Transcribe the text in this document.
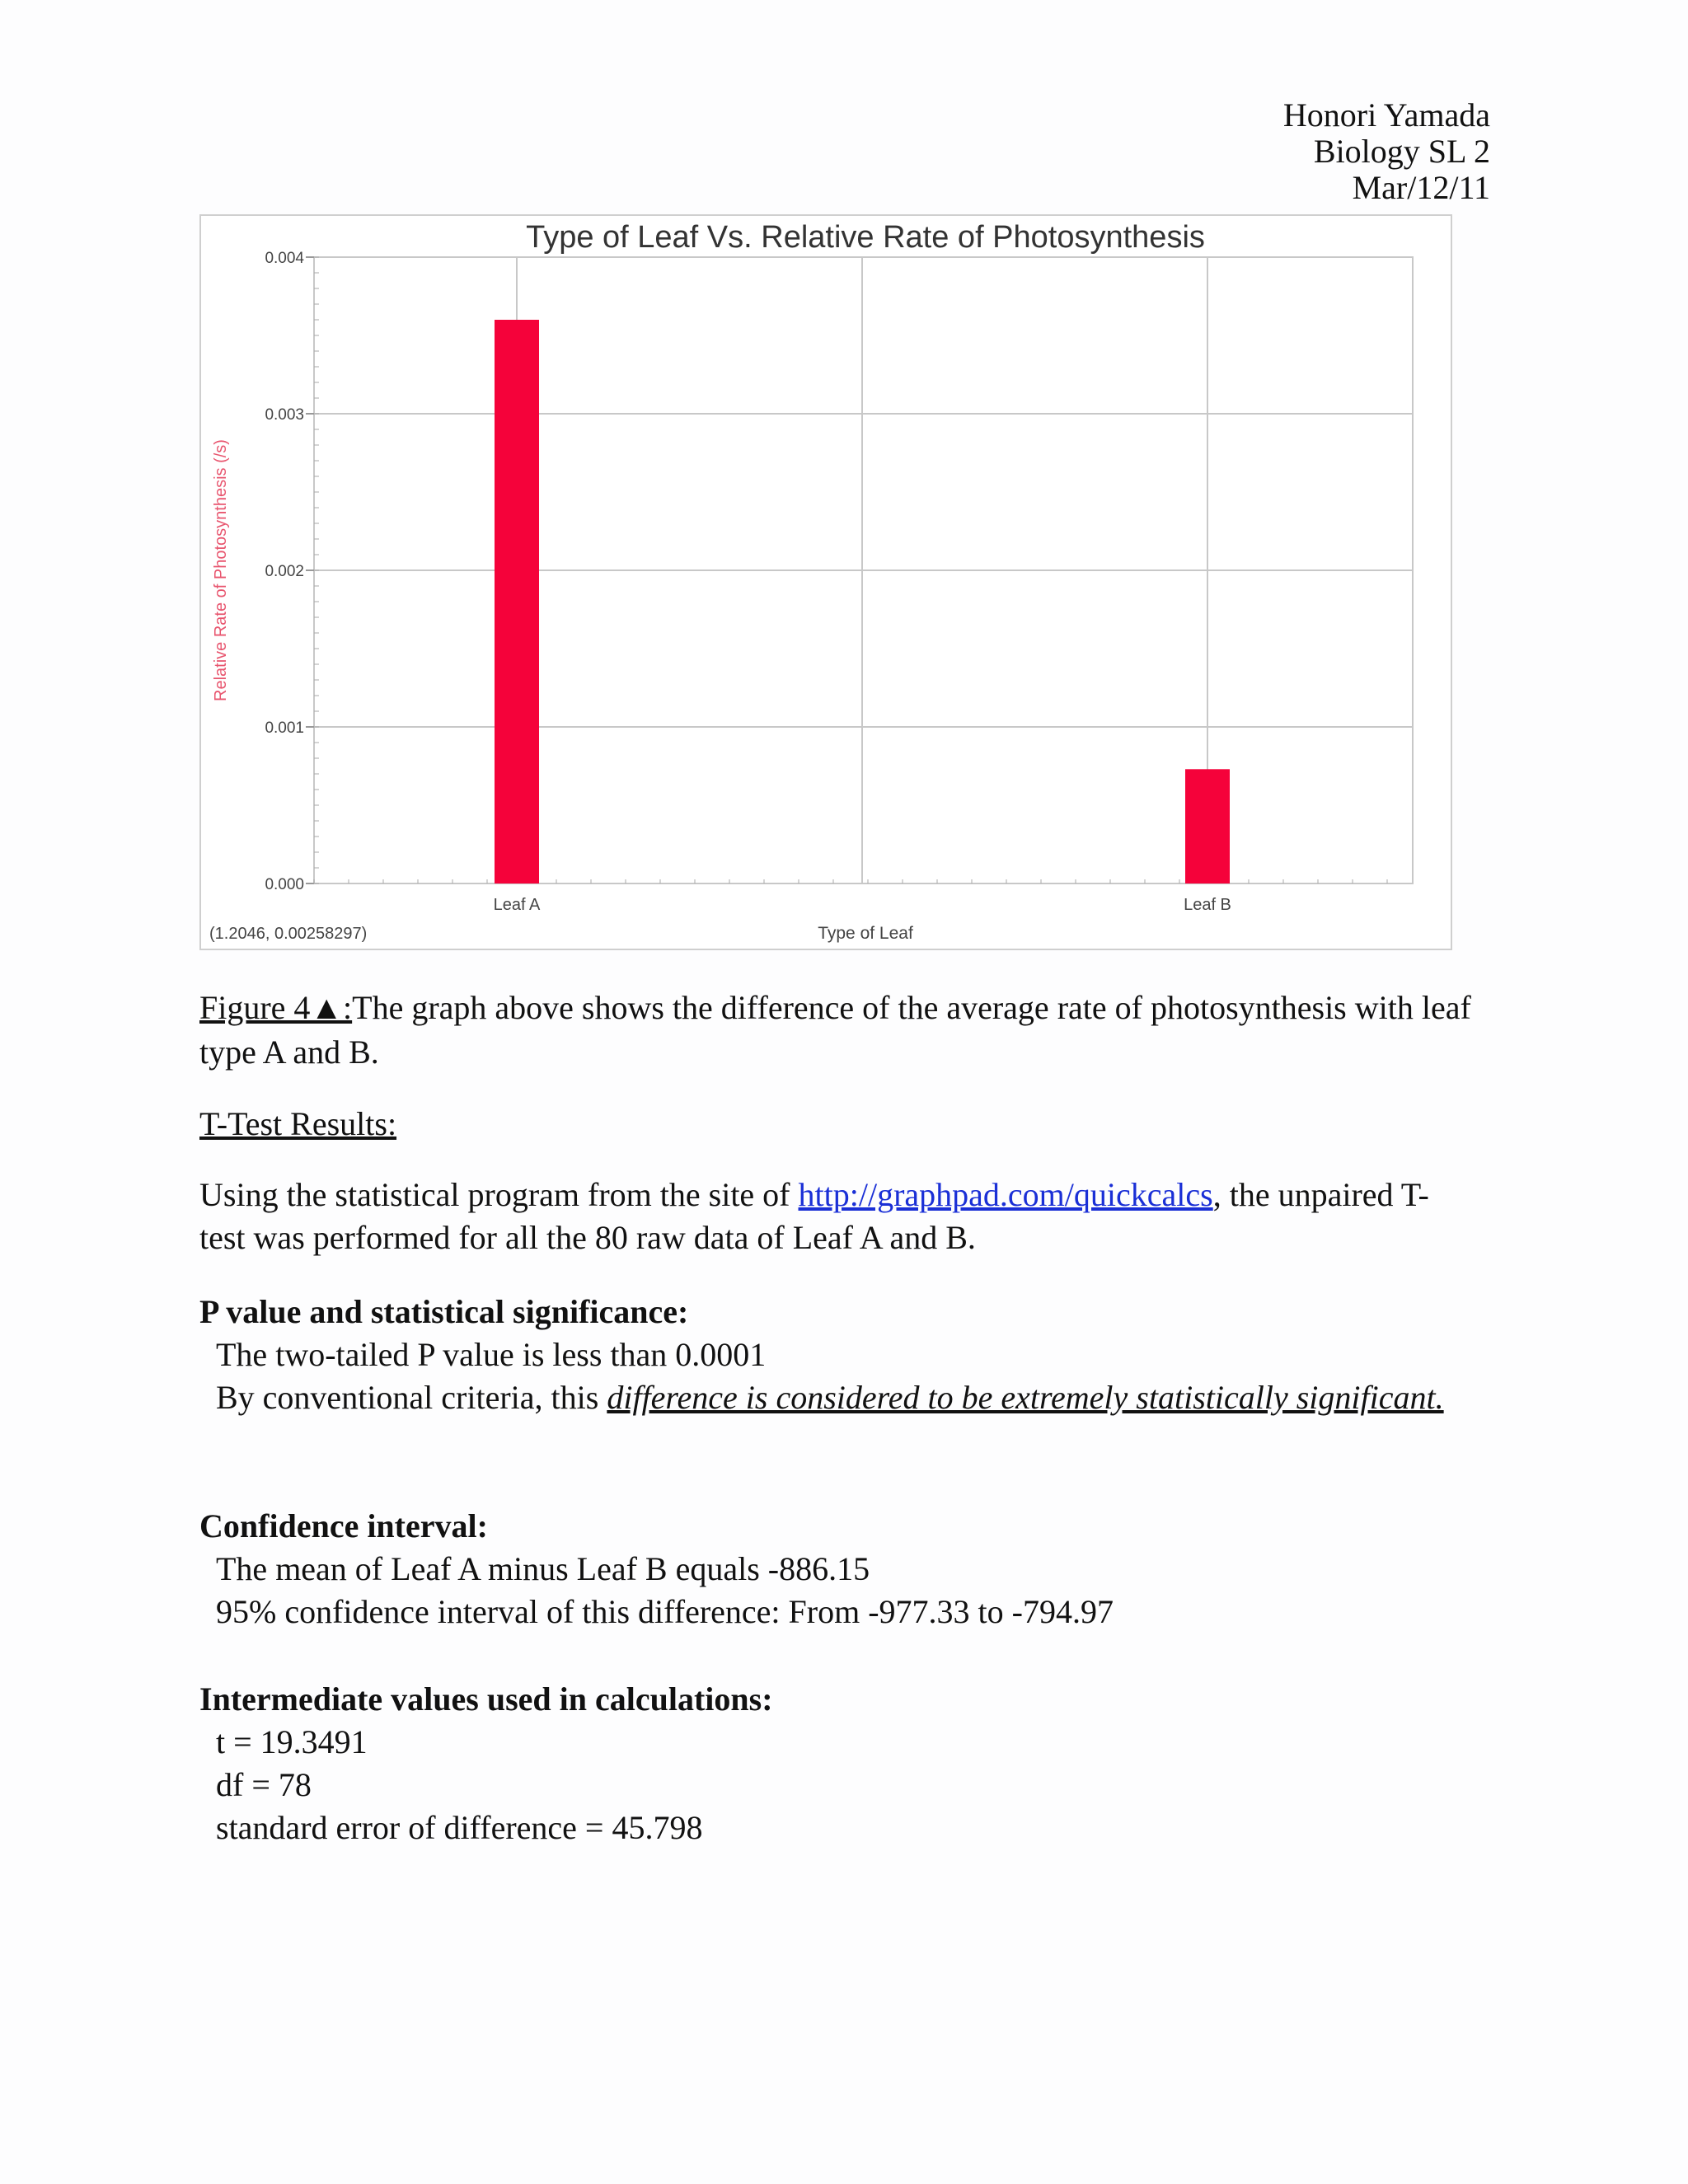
Honori Yamada
Biology SL 2
Mar/12/11
0.000
0.001
0.002
0.003
0.004
Leaf A	Leaf B
Type of Leaf Vs. Relative Rate of Photosynthesis
Type of Leaf
Relative Rate of Photosynthesis (/s)
(1.2046, 0.00258297)
Figure 4▲:The graph above shows the difference of the average rate of photosynthesis with leaf type A and B.
T-Test Results:
Using the statistical program from the site of http://graphpad.com/quickcalcs, the unpaired T-test was performed for all the 80 raw data of Leaf A and B.
P value and statistical significance:
The two-tailed P value is less than 0.0001
By conventional criteria, this difference is considered to be extremely statistically significant.
Confidence interval:
The mean of Leaf A minus Leaf B equals -886.15
95% confidence interval of this difference: From -977.33 to -794.97
Intermediate values used in calculations:
t = 19.3491
df = 78
standard error of difference = 45.798
